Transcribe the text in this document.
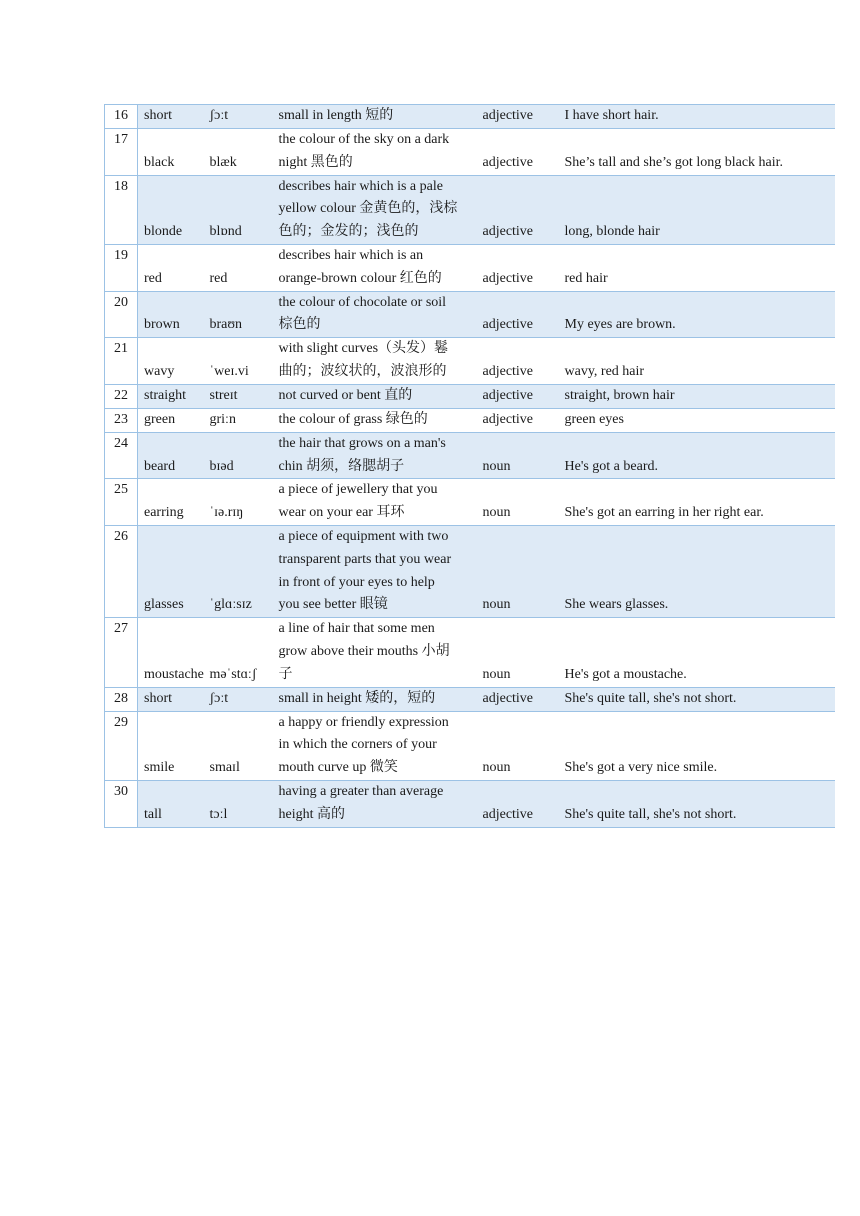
16	short	ʃɔːt	small in length 短的	adjective	I have short hair.
17	black	blæk	the colour of the sky on a dark
night 黑色的	adjective	She’s tall and she’s got long black hair.
18	blonde	blɒnd	describes hair which is a pale
yellow colour 金黄色的，浅棕
色的；金发的；浅色的	adjective	long, blonde hair
19	red	red	describes hair which is an
orange-brown colour 红色的	adjective	red hair
20	brown	braʊn	the colour of chocolate or soil
棕色的	adjective	My eyes are brown.
21	wavy	ˈweɪ.vi	with slight curves（头发）鬈
曲的；波纹状的，波浪形的	adjective	wavy, red hair
22	straight	streɪt	not curved or bent 直的	adjective	straight, brown hair
23	green	griːn	the colour of grass 绿色的	adjective	green eyes
24	beard	bɪəd	the hair that grows on a man's
chin 胡须，络腮胡子	noun	He's got a beard.
25	earring	ˈɪə.rɪŋ	a piece of jewellery that you
wear on your ear 耳环	noun	She's got an earring in her right ear.
26	glasses	ˈglɑːsɪz	a piece of equipment with two
transparent parts that you wear
in front of your eyes to help
you see better 眼镜	noun	She wears glasses.
27	moustache	məˈstɑːʃ	a line of hair that some men
grow above their mouths 小胡
子	noun	He's got a moustache.
28	short	ʃɔːt	small in height 矮的，短的	adjective	She's quite tall, she's not short.
29	smile	smaɪl	a happy or friendly expression
in which the corners of your
mouth curve up 微笑	noun	She's got a very nice smile.
30	tall	tɔːl	having a greater than average
height 高的	adjective	She's quite tall, she's not short.
